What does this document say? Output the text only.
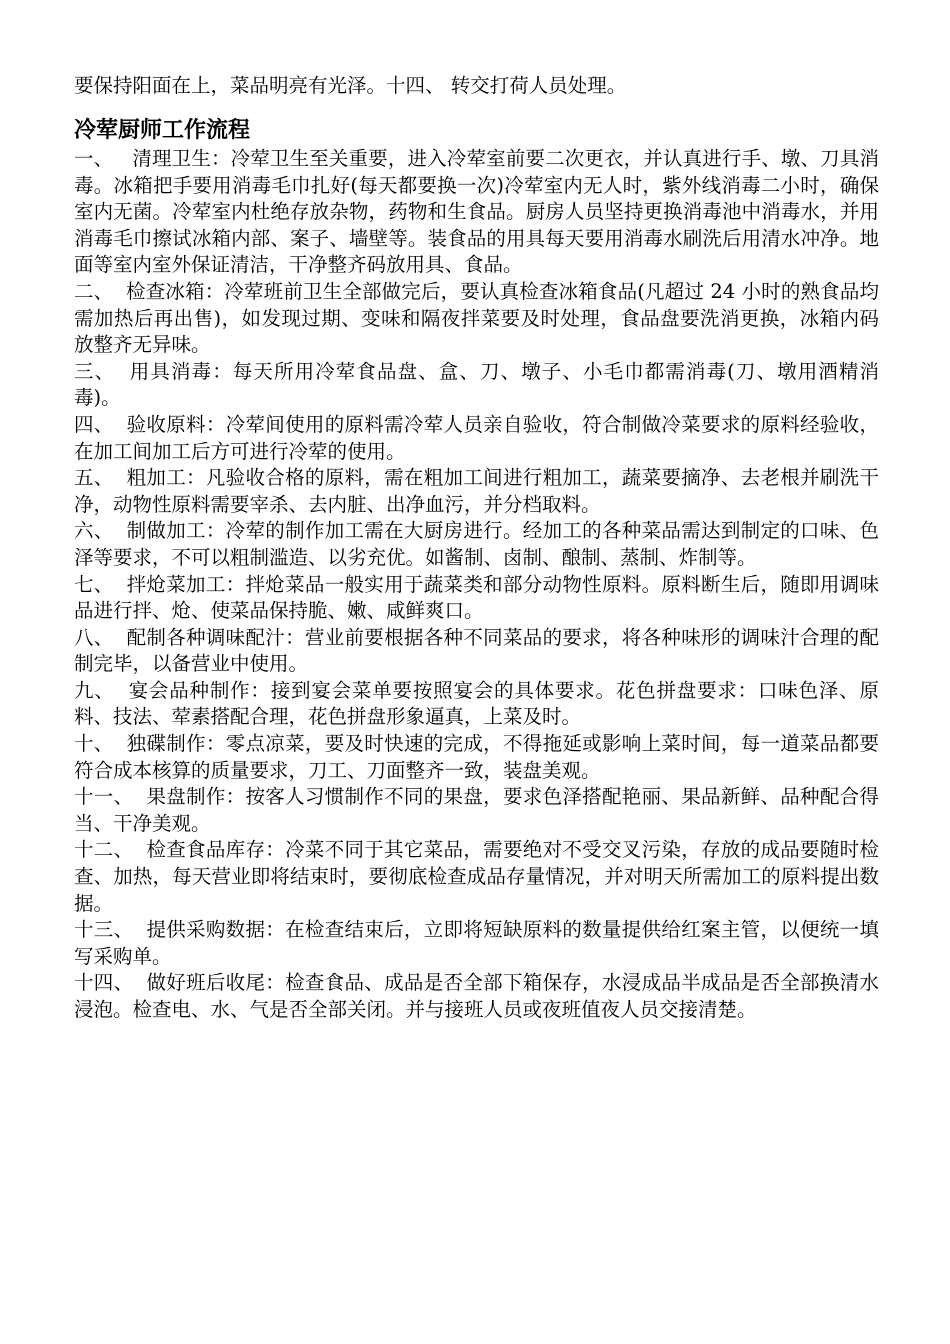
要保持阳面在上，菜品明亮有光泽。十四、 转交打荷人员处理。

冷荤厨师工作流程
一、   清理卫生：冷荤卫生至关重要，进入冷荤室前要二次更衣，并认真进行手、墩、刀具消毒。冰箱把手要用消毒毛巾扎好(每天都要换一次)冷荤室内无人时，紫外线消毒二小时，确保室内无菌。冷荤室内杜绝存放杂物，药物和生食品。厨房人员坚持更换消毒池中消毒水，并用消毒毛巾擦试冰箱内部、案子、墙壁等。装食品的用具每天要用消毒水刷洗后用清水冲净。地面等室内室外保证清洁，干净整齐码放用具、食品。
二、  检查冰箱：冷荤班前卫生全部做完后，要认真检查冰箱食品(凡超过 24 小时的熟食品均需加热后再出售)，如发现过期、变味和隔夜拌菜要及时处理，食品盘要洗消更换，冰箱内码放整齐无异味。
三、  用具消毒：每天所用冷荤食品盘、盒、刀、墩子、小毛巾都需消毒(刀、墩用酒精消毒)。
四、  验收原料：冷荤间使用的原料需冷荤人员亲自验收，符合制做冷菜要求的原料经验收，在加工间加工后方可进行冷荤的使用。
五、  粗加工：凡验收合格的原料，需在粗加工间进行粗加工，蔬菜要摘净、去老根并刷洗干净，动物性原料需要宰杀、去内脏、出净血污，并分档取料。
六、  制做加工：冷荤的制作加工需在大厨房进行。经加工的各种菜品需达到制定的口味、色泽等要求，不可以粗制滥造、以劣充优。如酱制、卤制、酿制、蒸制、炸制等。
七、  拌炝菜加工：拌炝菜品一般实用于蔬菜类和部分动物性原料。原料断生后，随即用调味品进行拌、炝、使菜品保持脆、嫩、咸鲜爽口。
八、  配制各种调味配汁：营业前要根据各种不同菜品的要求，将各种味形的调味汁合理的配制完毕，以备营业中使用。
九、  宴会品种制作：接到宴会菜单要按照宴会的具体要求。花色拼盘要求：口味色泽、原料、技法、荤素搭配合理，花色拼盘形象逼真，上菜及时。
十、  独碟制作：零点凉菜，要及时快速的完成，不得拖延或影响上菜时间，每一道菜品都要符合成本核算的质量要求，刀工、刀面整齐一致，装盘美观。
十一、  果盘制作：按客人习惯制作不同的果盘，要求色泽搭配艳丽、果品新鲜、品种配合得当、干净美观。
十二、  检查食品库存：冷菜不同于其它菜品，需要绝对不受交叉污染，存放的成品要随时检查、加热，每天营业即将结束时，要彻底检查成品存量情况，并对明天所需加工的原料提出数据。
十三、  提供采购数据：在检查结束后，立即将短缺原料的数量提供给红案主管，以便统一填写采购单。
十四、  做好班后收尾：检查食品、成品是否全部下箱保存，水浸成品半成品是否全部换清水浸泡。检查电、水、气是否全部关闭。并与接班人员或夜班值夜人员交接清楚。
